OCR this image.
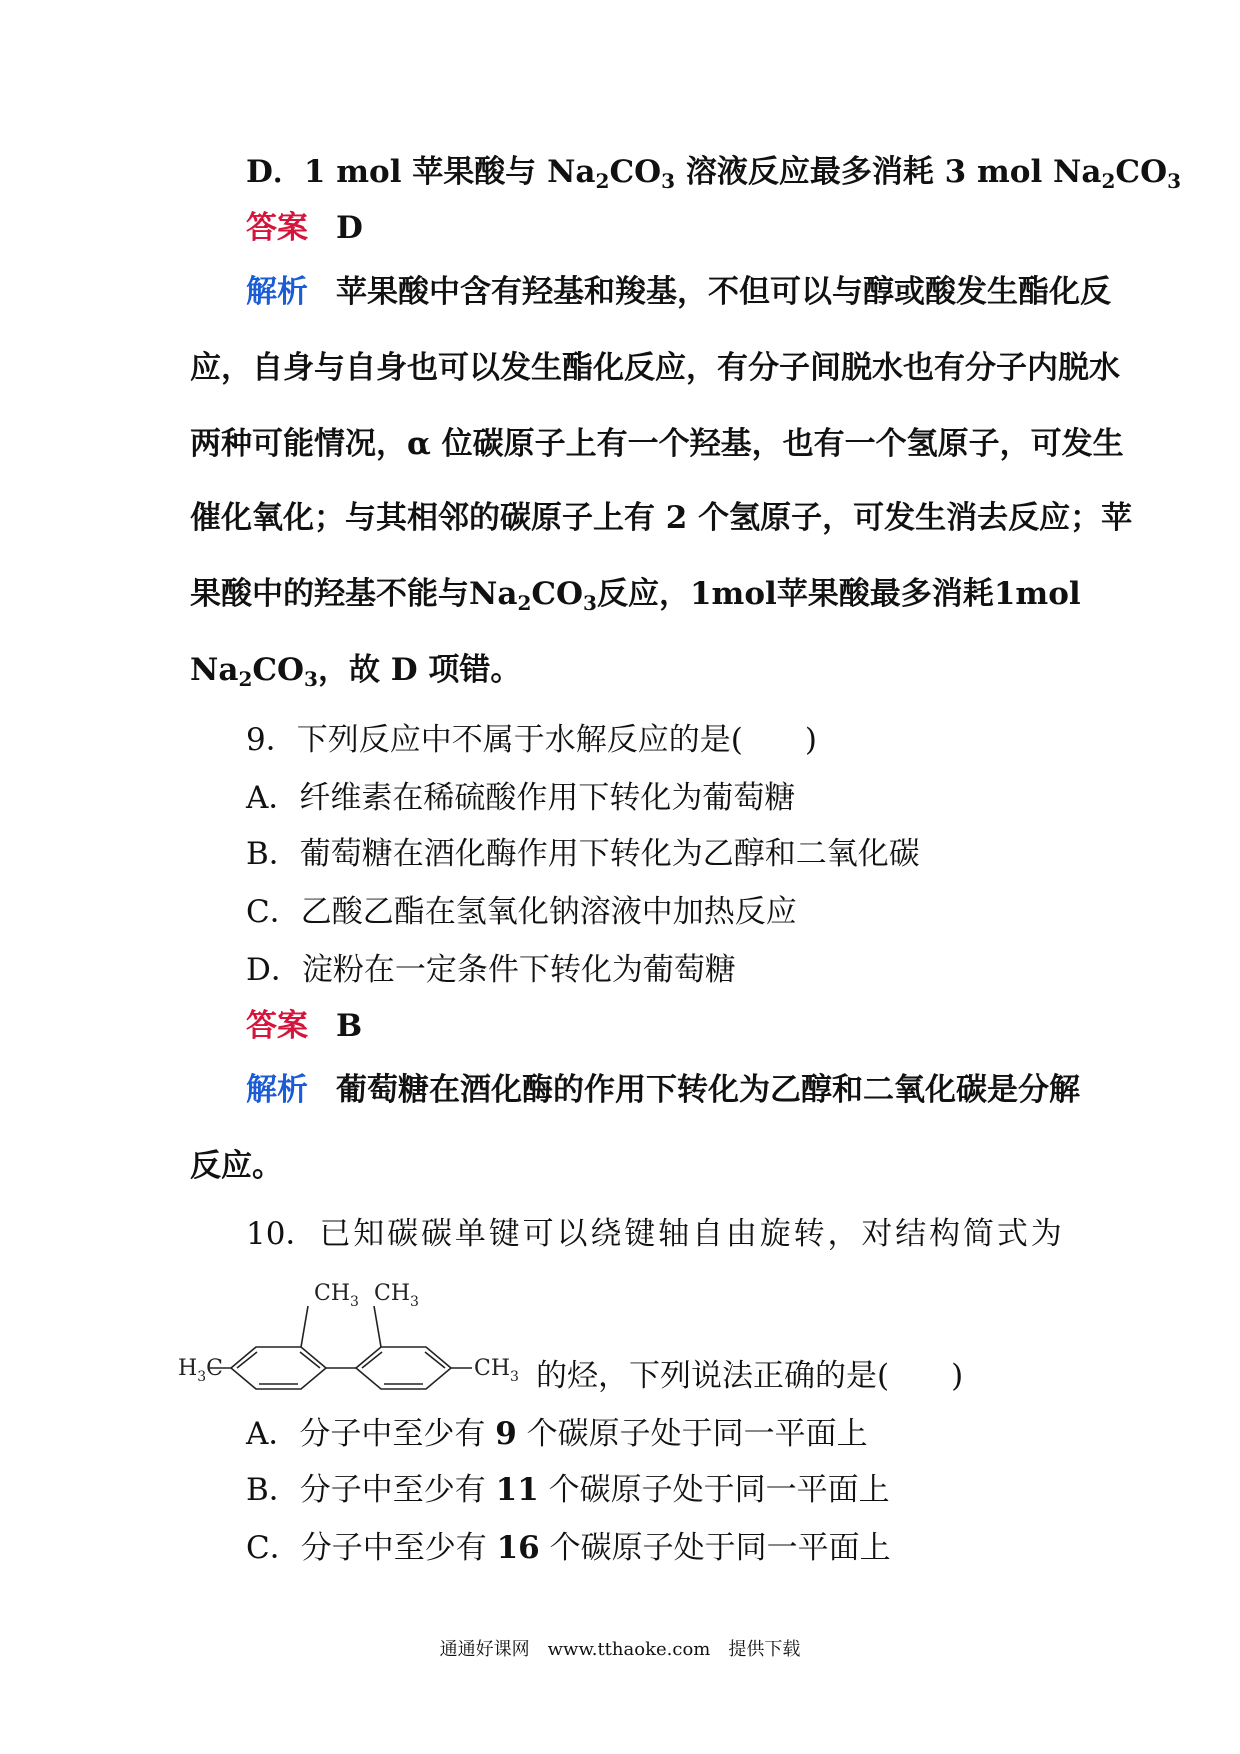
D．1 mol 苹果酸与 $Na_2CO_3$ 溶液反应最多消耗 3 mol $Na_2CO_3$
答案 D
解析 苹果酸中含有羟基和羧基，不但可以与醇或酸发生酯化反
应，自身与自身也可以发生酯化反应，有分子间脱水也有分子内脱水
两种可能情况，α 位碳原子上有一个羟基，也有一个氢原子，可发生
催化氧化；与其相邻的碳原子上有 2 个氢原子，可发生消去反应；苹
果酸中的羟基不能与 $Na_2CO_3$ 反应， 1 mol 苹果酸最多消耗 1 mol
$Na_2CO_3$，故 D 项错。
9．下列反应中不属于水解反应的是(　　)
A．纤维素在稀硫酸作用下转化为葡萄糖
B．葡萄糖在酒化酶作用下转化为乙醇和二氧化碳
C．乙酸乙酯在氢氧化钠溶液中加热反应
D．淀粉在一定条件下转化为葡萄糖
答案 B
解析 葡萄糖在酒化酶的作用下转化为乙醇和二氧化碳是分解
反应。
10． 已 知 碳 碳 单 键 可 以 绕 键 轴 自 由 旋 转 ， 对 结 构 简 式 为
$CH_3$ $CH_3$
$H_3C$	$CH_3$ 的烃，下列说法正确的是(　　)
A．分子中至少有 9 个碳原子处于同一平面上
B．分子中至少有 11 个碳原子处于同一平面上
C．分子中至少有 16 个碳原子处于同一平面上
通通好课网　www.tthaoke.com　提供下载
